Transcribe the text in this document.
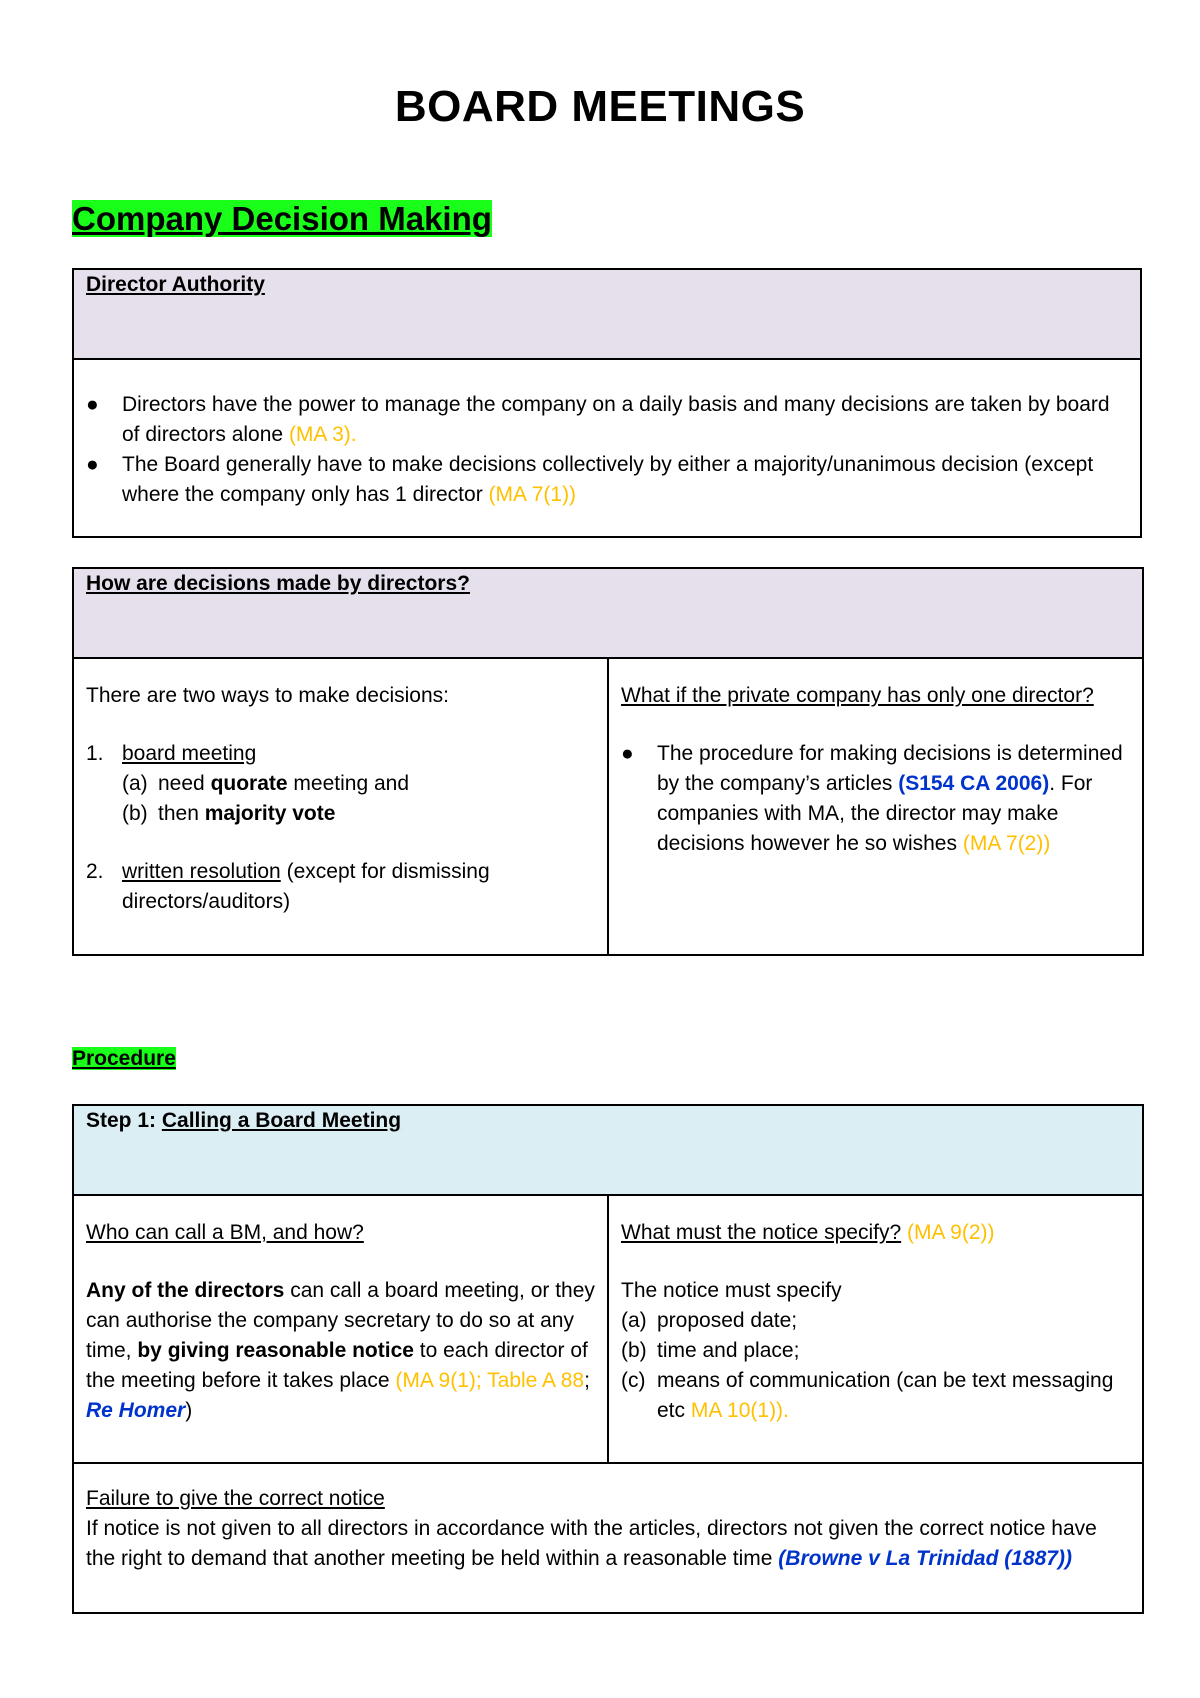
BOARD MEETINGS
Company Decision Making
Director Authority

● Directors have the power to manage the company on a daily basis and many decisions are taken by board of directors alone (MA 3).
● The Board generally have to make decisions collectively by either a majority/unanimous decision (except where the company only has 1 director (MA 7(1))
How are decisions made by directors?

There are two ways to make decisions:

1. board meeting
(a) need quorate meeting and
(b) then majority vote

2. written resolution (except for dismissing directors/auditors)

What if the private company has only one director?

● The procedure for making decisions is determined by the company’s articles (S154 CA 2006). For companies with MA, the director may make decisions however he so wishes (MA 7(2))
Procedure
Step 1: Calling a Board Meeting

Who can call a BM, and how?

Any of the directors can call a board meeting, or they can authorise the company secretary to do so at any time, by giving reasonable notice to each director of the meeting before it takes place (MA 9(1); Table A 88; Re Homer)

What must the notice specify? (MA 9(2))

The notice must specify

(a) proposed date;
(b) time and place;
(c) means of communication (can be text messaging etc MA 10(1)).

Failure to give the correct notice

If notice is not given to all directors in accordance with the articles, directors not given the correct notice have the right to demand that another meeting be held within a reasonable time (Browne v La Trinidad (1887))
